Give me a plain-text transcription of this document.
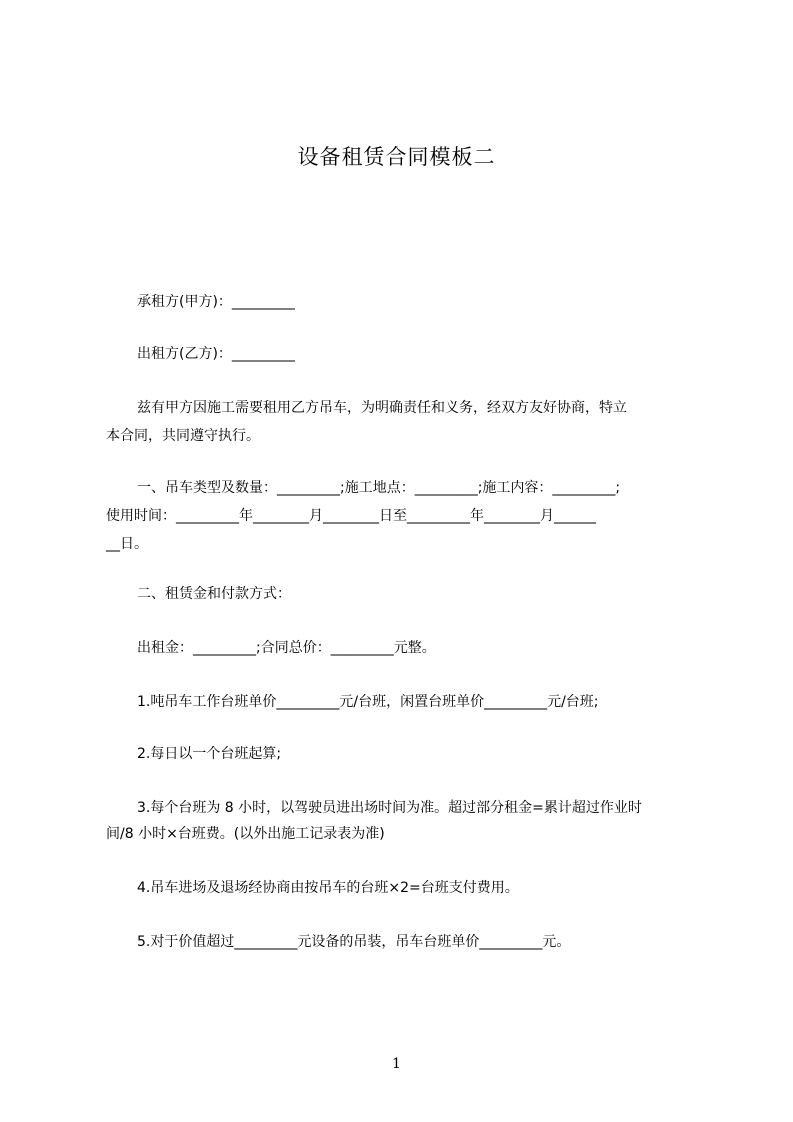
设备租赁合同模板二
承租方(甲方)：_________
出租方(乙方)：_________
兹有甲方因施工需要租用乙方吊车，为明确责任和义务，经双方友好协商，特立
本合同，共同遵守执行。
一、吊车类型及数量：_________;施工地点：_________;施工内容：_________;
使用时间：_________年________月________日至_________年________月______
__日。
二、租赁金和付款方式：
出租金：_________;合同总价：_________元整。
1.吨吊车工作台班单价_________元/台班，闲置台班单价_________元/台班;
2.每日以一个台班起算;
3.每个台班为 8 小时，以驾驶员进出场时间为准。超过部分租金=累计超过作业时
间/8 小时×台班费。(以外出施工记录表为准)
4.吊车进场及退场经协商由按吊车的台班×2=台班支付费用。
5.对于价值超过_________元设备的吊装，吊车台班单价_________元。
1
